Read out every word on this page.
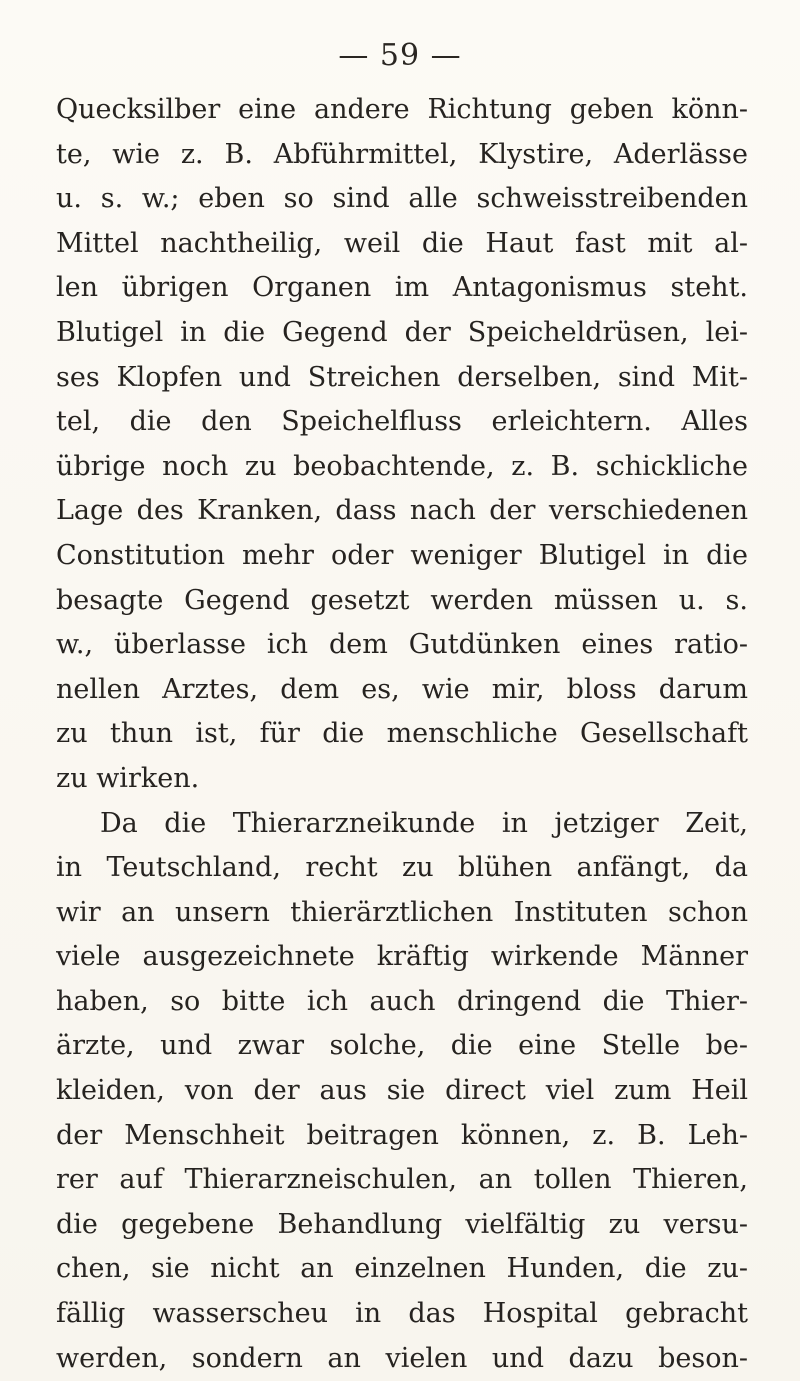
— 59 —
Quecksilber eine andere Richtung geben könn-
te, wie z. B. Abführmittel, Klystire, Aderlässe
u. s. w.; eben so sind alle schweisstreibenden
Mittel nachtheilig, weil die Haut fast mit al-
len übrigen Organen im Antagonismus steht.
Blutigel in die Gegend der Speicheldrüsen, lei-
ses Klopfen und Streichen derselben, sind Mit-
tel, die den Speichelfluss erleichtern. Alles
übrige noch zu beobachtende, z. B. schickliche
Lage des Kranken, dass nach der verschiedenen
Constitution mehr oder weniger Blutigel in die
besagte Gegend gesetzt werden müssen u. s.
w., überlasse ich dem Gutdünken eines ratio-
nellen Arztes, dem es, wie mir, bloss darum
zu thun ist, für die menschliche Gesellschaft
zu wirken.
Da die Thierarzneikunde in jetziger Zeit,
in Teutschland, recht zu blühen anfängt, da
wir an unsern thierärztlichen Instituten schon
viele ausgezeichnete kräftig wirkende Männer
haben, so bitte ich auch dringend die Thier-
ärzte, und zwar solche, die eine Stelle be-
kleiden, von der aus sie direct viel zum Heil
der Menschheit beitragen können, z. B. Leh-
rer auf Thierarzneischulen, an tollen Thieren,
die gegebene Behandlung vielfältig zu versu-
chen, sie nicht an einzelnen Hunden, die zu-
fällig wasserscheu in das Hospital gebracht
werden, sondern an vielen und dazu beson-
